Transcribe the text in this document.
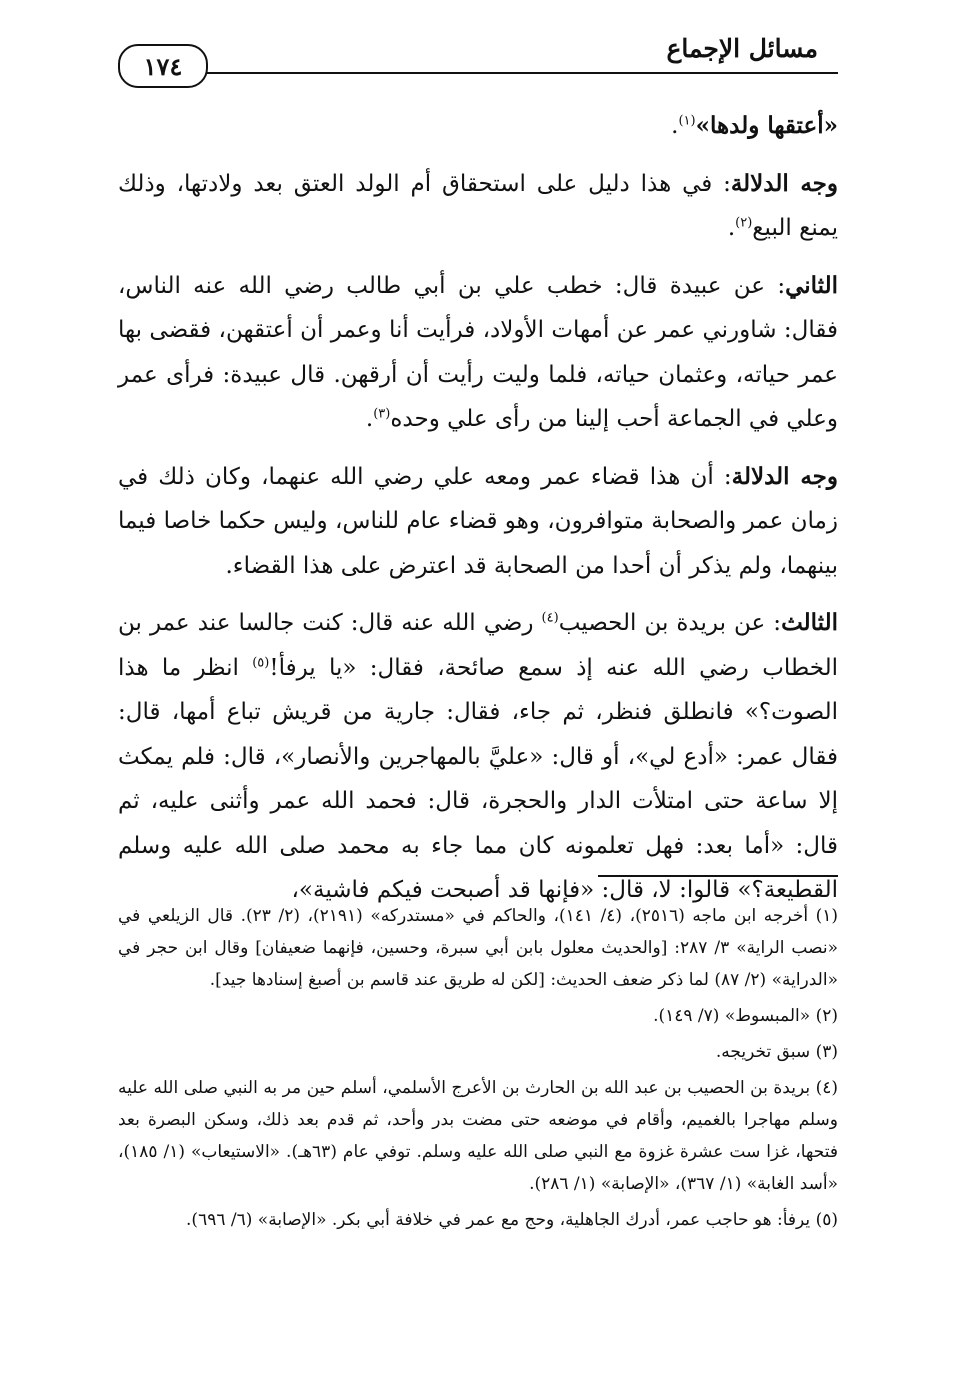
مسائل الإجماع
١٧٤

«أعتقها ولدها»$^{(١)}$.

وجه الدلالة: في هذا دليل على استحقاق أم الولد العتق بعد ولادتها، وذلك يمنع البيع$^{(٢)}$.

الثاني: عن عبيدة قال: خطب علي بن أبي طالب رضي الله عنه الناس، فقال: شاورني عمر عن أمهات الأولاد، فرأيت أنا وعمر أن أعتقهن، فقضى بها عمر حياته، وعثمان حياته، فلما وليت رأيت أن أرقهن. قال عبيدة: فرأى عمر وعلي في الجماعة أحب إلينا من رأى علي وحده$^{(٣)}$.

وجه الدلالة: أن هذا قضاء عمر ومعه علي رضي الله عنهما، وكان ذلك في زمان عمر والصحابة متوافرون، وهو قضاء عام للناس، وليس حكما خاصا فيما بينهما، ولم يذكر أن أحدا من الصحابة قد اعترض على هذا القضاء.

الثالث: عن بريدة بن الحصيب$^{(٤)}$ رضي الله عنه قال: كنت جالسا عند عمر بن الخطاب رضي الله عنه إذ سمع صائحة، فقال: «يا يرفأ!$^{(٥)}$ انظر ما هذا الصوت؟» فانطلق فنظر، ثم جاء، فقال: جارية من قريش تباع أمها، قال: فقال عمر: «أدع لي»، أو قال: «عليَّ بالمهاجرين والأنصار»، قال: فلم يمكث إلا ساعة حتى امتلأت الدار والحجرة، قال: فحمد الله عمر وأثنى عليه، ثم قال: «أما بعد: فهل تعلمونه كان مما جاء به محمد صلى الله عليه وسلم القطيعة؟» قالوا: لا، قال: «فإنها قد أصبحت فيكم فاشية»،

(١) أخرجه ابن ماجه (٢٥١٦)، (٤/ ١٤١)، والحاكم في «مستدركه» (٢١٩١)، (٢/ ٢٣). قال الزيلعي في «نصب الراية» ٣/ ٢٨٧: [والحديث معلول بابن أبي سبرة، وحسين، فإنهما ضعيفان] وقال ابن حجر في «الدراية» (٢/ ٨٧) لما ذكر ضعف الحديث: [لكن له طريق عند قاسم بن أصبغ إسنادها جيد].

(٢) «المبسوط» (٧/ ١٤٩).

(٣) سبق تخريجه.

(٤) بريدة بن الحصيب بن عبد الله بن الحارث بن الأعرج الأسلمي، أسلم حين مر به النبي صلى الله عليه وسلم مهاجرا بالغميم، وأقام في موضعه حتى مضت بدر وأحد، ثم قدم بعد ذلك، وسكن البصرة بعد فتحها، غزا ست عشرة غزوة مع النبي صلى الله عليه وسلم. توفي عام (٦٣هـ). «الاستيعاب» (١/ ١٨٥)، «أسد الغابة» (١/ ٣٦٧)، «الإصابة» (١/ ٢٨٦).

(٥) يرفأ: هو حاجب عمر، أدرك الجاهلية، وحج مع عمر في خلافة أبي بكر. «الإصابة» (٦/ ٦٩٦).
